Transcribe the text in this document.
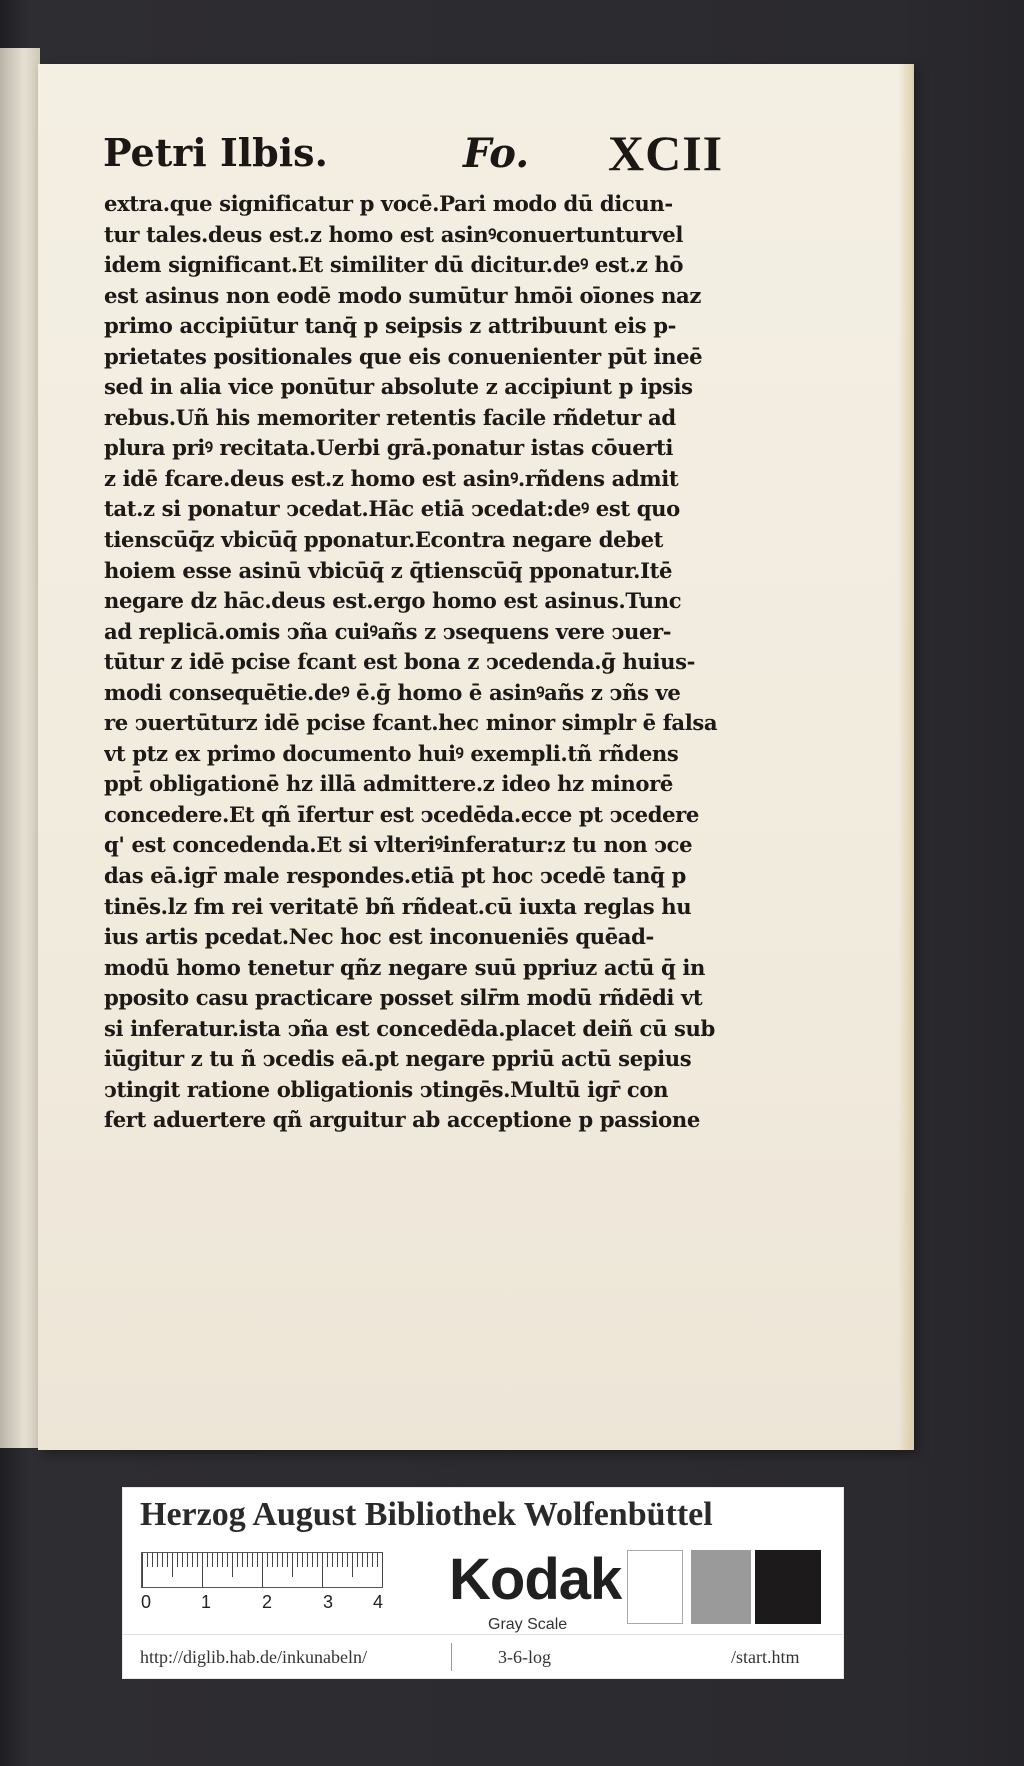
Petri Ilbis.	Fo. XCII
extra.que significatur p vocē.Pari modo dū dicun-
tur tales.deus est.z homo est asinꝰconuertunturvel
idem significant.Et similiter dū dicitur.deꝰ est.z hō
est asinus non eodē modo sumūtur hmōi oīones naz
primo accipiūtur tanq̄ p seipsis z attribuunt eis p-
prietates positionales que eis conuenienter pūt ineē
sed in alia vice ponūtur absolute z accipiunt p ipsis
rebus.Uñ his memoriter retentis facile rñdetur ad
plura priꝰ recitata.Uerbi grā.ponatur istas cōuerti
z idē fcare.deus est.z homo est asinꝰ.rñdens admit
tat.z si ponatur ↄcedat.Hāc etiā ↄcedat:deꝰ est quo
tienscūq̄z vbicūq̄ pponatur.Econtra negare debet
hoiem esse asinū vbicūq̄ z q̄tienscūq̄ pponatur.Itē
negare dz hāc.deus est.ergo homo est asinus.Tunc
ad replicā.omis ↄña cuiꝰañs z ↄsequens vere ↄuer-
tūtur z idē pcise fcant est bona z ↄcedenda.ḡ huius-
modi consequētie.deꝰ ē.ḡ homo ē asinꝰañs z ↄñs ve
re ↄuertūturz idē pcise fcant.hec minor simplr ē falsa
vt ptz ex primo documento huiꝰ exempli.tñ rñdens
ppt̄ obligationē hz illā admittere.z ideo hz minorē
concedere.Et qñ īfertur est ↄcedēda.ecce pt ↄcedere
q' est concedenda.Et si vlteriꝰinferatur:z tu non ↄce
das eā.igr̄ male respondes.etiā pt hoc ↄcedē tanq̄ p
tinēs.lz fm rei veritatē bñ rñdeat.cū iuxta reglas hu
ius artis pcedat.Nec hoc est inconueniēs quēad-
modū homo tenetur qñz negare suū ppriuz actū q̄ in
pposito casu practicare posset silr̄m modū rñdēdi vt
si inferatur.ista ↄña est concedēda.placet deiñ cū sub
iūgitur z tu ñ ↄcedis eā.pt negare ppriū actū sepius
ↄtingit ratione obligationis ↄtingēs.Multū igr̄ con
fert aduertere qñ arguitur ab acceptione p passione
Herzog August Bibliothek Wolfenbüttel
0	1	2	3 4 Kodak
Gray Scale
http://diglib.hab.de/inkunabeln/	3-6-log	/start.htm
